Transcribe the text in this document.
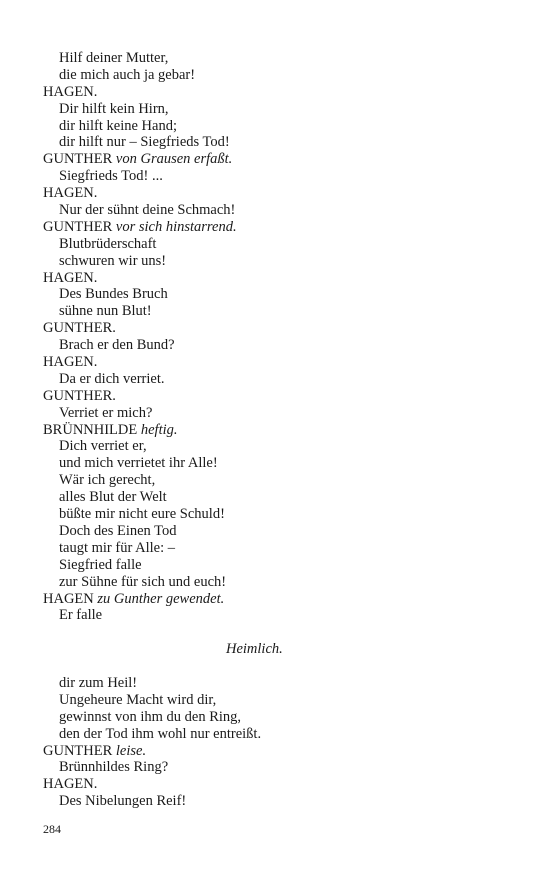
Hilf deiner Mutter,
die mich auch ja gebar!
HAGEN.
Dir hilft kein Hirn,
dir hilft keine Hand;
dir hilft nur – Siegfrieds Tod!
GUNTHER von Grausen erfaßt.
Siegfrieds Tod! ...
HAGEN.
Nur der sühnt deine Schmach!
GUNTHER vor sich hinstarrend.
Blutbrüderschaft
schwuren wir uns!
HAGEN.
Des Bundes Bruch
sühne nun Blut!
GUNTHER.
Brach er den Bund?
HAGEN.
Da er dich verriet.
GUNTHER.
Verriet er mich?
BRÜNNHILDE heftig.
Dich verriet er,
und mich verrietet ihr Alle!
Wär ich gerecht,
alles Blut der Welt
büßte mir nicht eure Schuld!
Doch des Einen Tod
taugt mir für Alle: –
Siegfried falle
zur Sühne für sich und euch!
HAGEN zu Gunther gewendet.
Er falle
Heimlich.
dir zum Heil!
Ungeheure Macht wird dir,
gewinnst von ihm du den Ring,
den der Tod ihm wohl nur entreißt.
GUNTHER leise.
Brünnhildes Ring?
HAGEN.
Des Nibelungen Reif!
284
